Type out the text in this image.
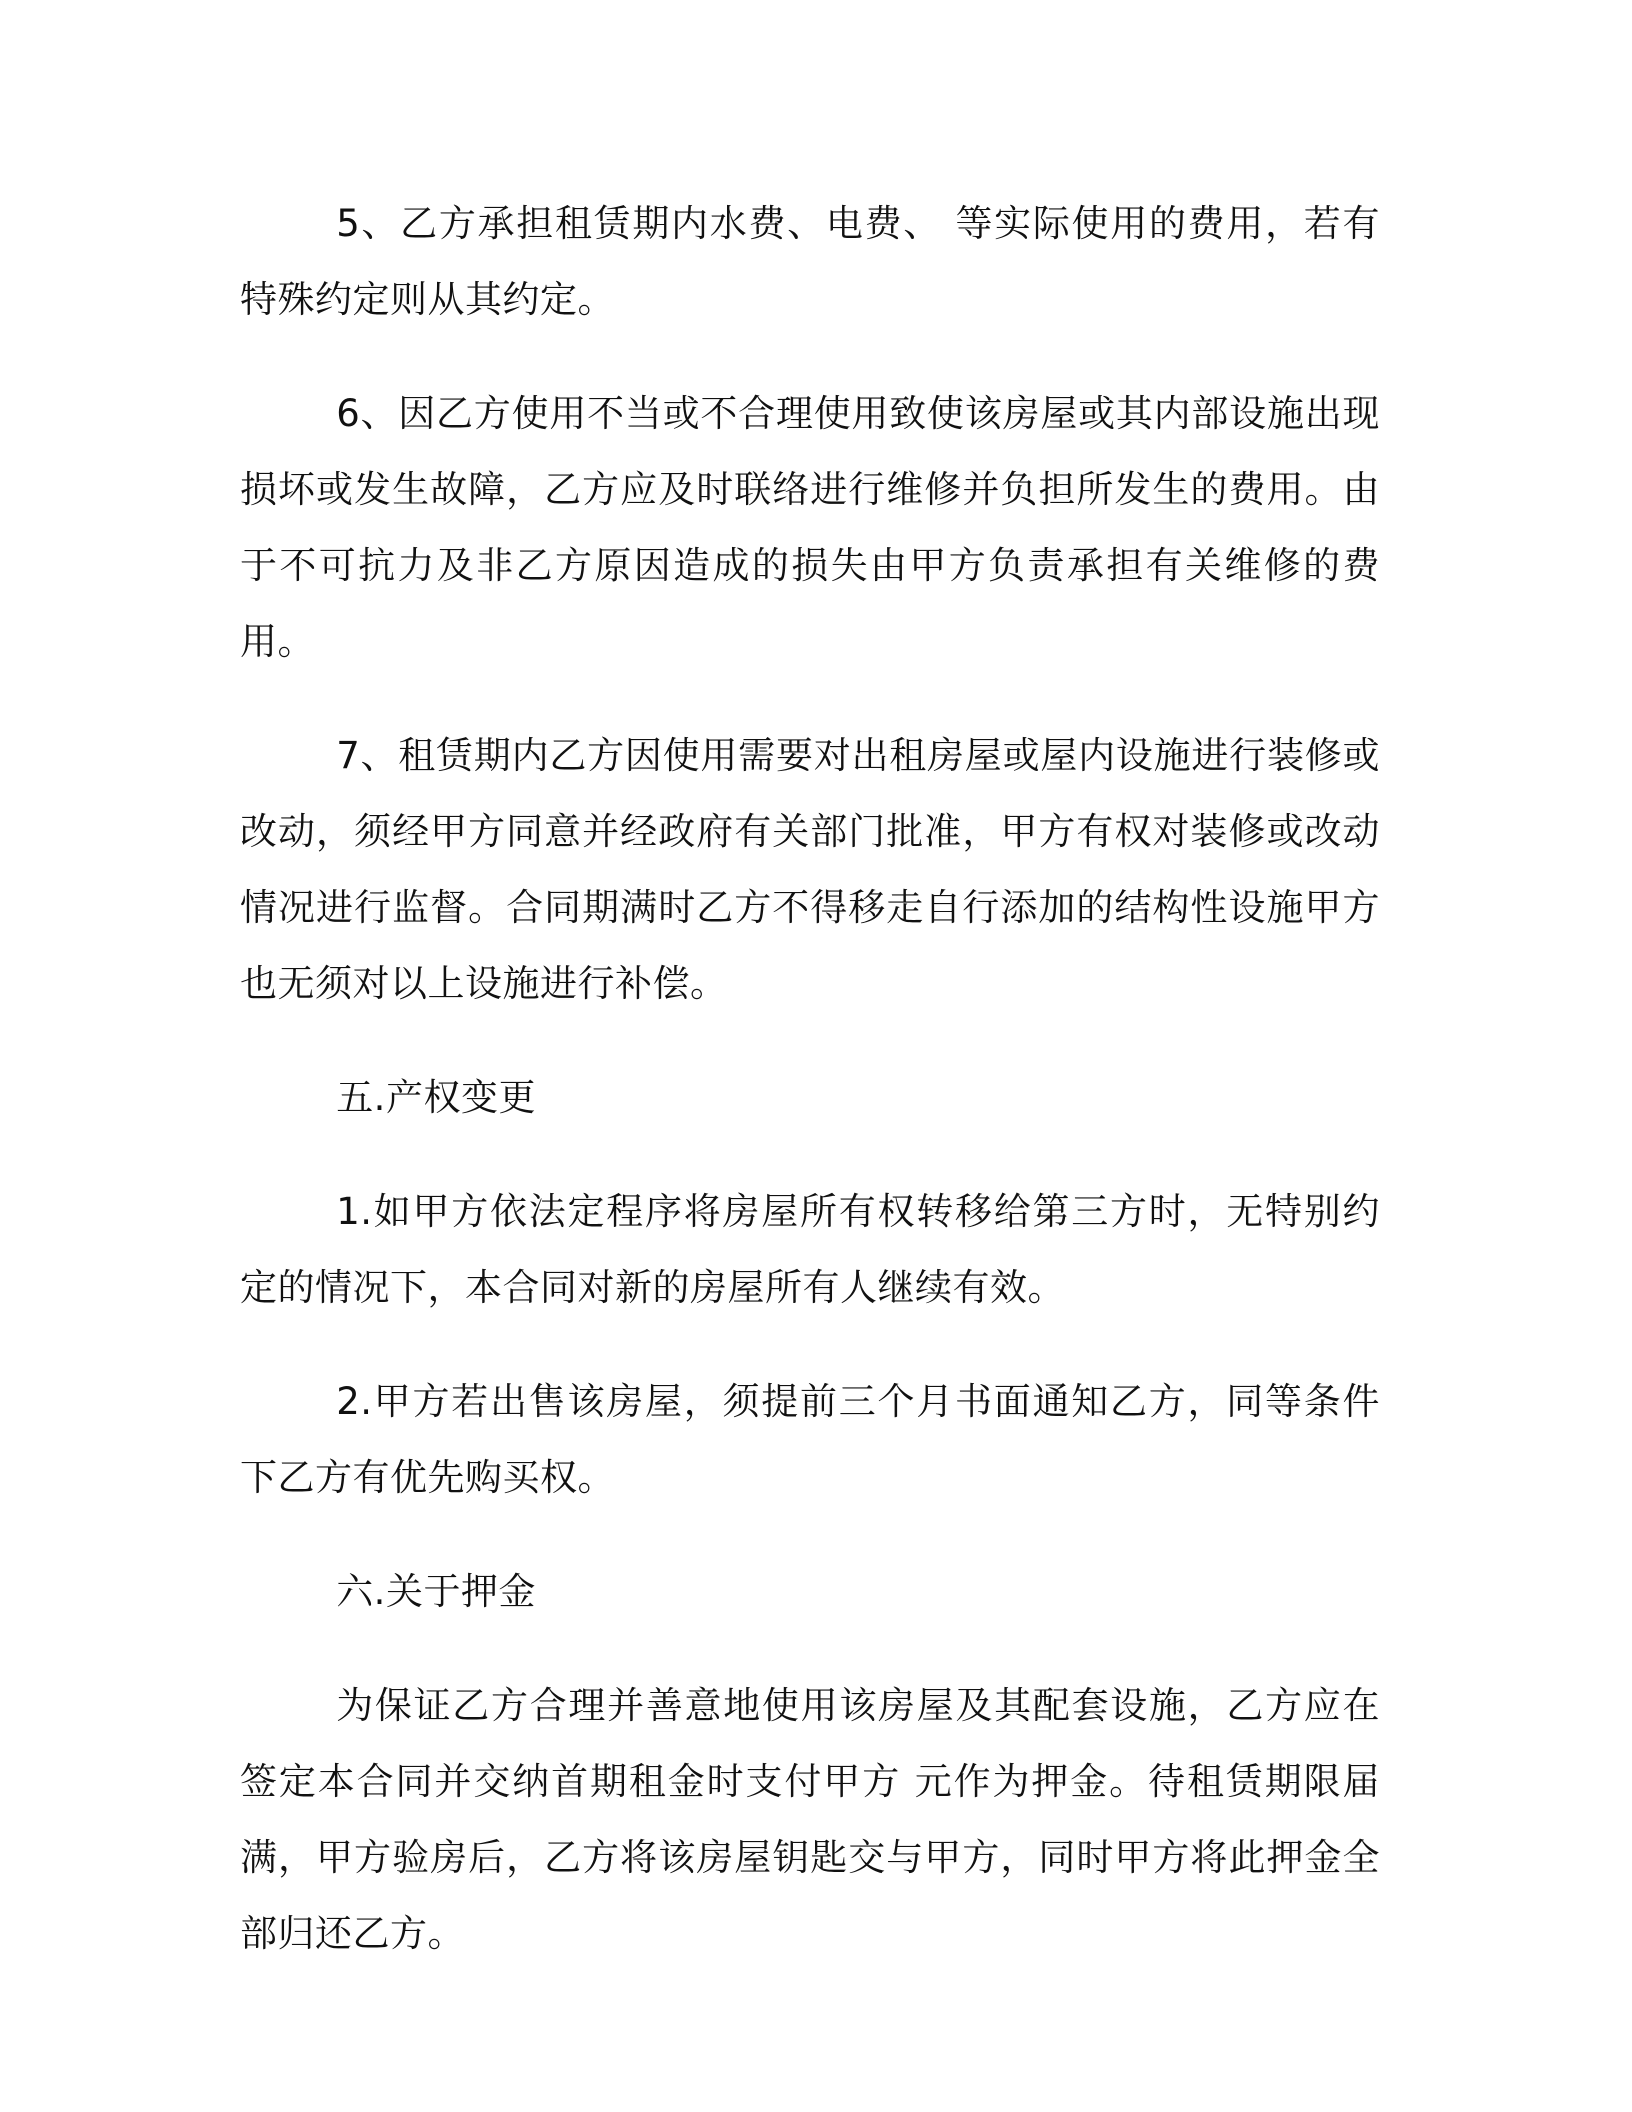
5、乙方承担租赁期内水费、电费、 等实际使用的费用，若有特殊约定则从其约定。

6、因乙方使用不当或不合理使用致使该房屋或其内部设施出现损坏或发生故障，乙方应及时联络进行维修并负担所发生的费用。由于不可抗力及非乙方原因造成的损失由甲方负责承担有关维修的费用。

7、租赁期内乙方因使用需要对出租房屋或屋内设施进行装修或改动，须经甲方同意并经政府有关部门批准，甲方有权对装修或改动情况进行监督。合同期满时乙方不得移走自行添加的结构性设施甲方也无须对以上设施进行补偿。

五.产权变更

1.如甲方依法定程序将房屋所有权转移给第三方时，无特别约定的情况下，本合同对新的房屋所有人继续有效。

2.甲方若出售该房屋，须提前三个月书面通知乙方，同等条件下乙方有优先购买权。

六.关于押金

为保证乙方合理并善意地使用该房屋及其配套设施，乙方应在签定本合同并交纳首期租金时支付甲方 元作为押金。待租赁期限届满，甲方验房后，乙方将该房屋钥匙交与甲方，同时甲方将此押金全部归还乙方。
